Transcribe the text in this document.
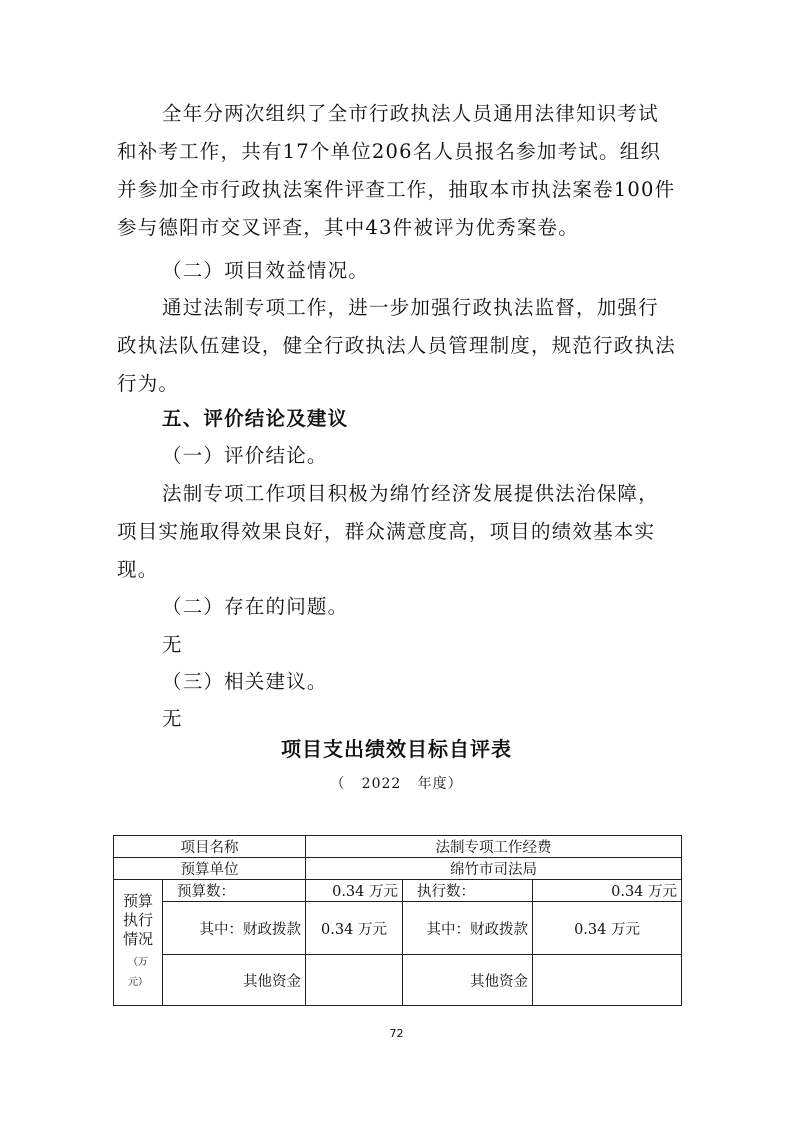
全年分两次组织了全市行政执法人员通用法律知识考试和补考工作，共有17个单位206名人员报名参加考试。组织并参加全市行政执法案件评查工作，抽取本市执法案卷100件参与德阳市交叉评查，其中43件被评为优秀案卷。

（二）项目效益情况。

通过法制专项工作，进一步加强行政执法监督，加强行政执法队伍建设，健全行政执法人员管理制度，规范行政执法行为。

五、评价结论及建议

（一）评价结论。

法制专项工作项目积极为绵竹经济发展提供法治保障，项目实施取得效果良好，群众满意度高，项目的绩效基本实现。

（二）存在的问题。

无

（三）相关建议。

无

项目支出绩效目标自评表
（   2022   年度）
项目名称		法制专项工作经费		
预算单位		绵竹市司法局		

预算执行情况
（万元）	预算数：	0.34 万元	执行数：	0.34 万元
	其中：财政拨款	0.34 万元	其中：财政拨款	0.34 万元
	其他资金		其他资金	
72
